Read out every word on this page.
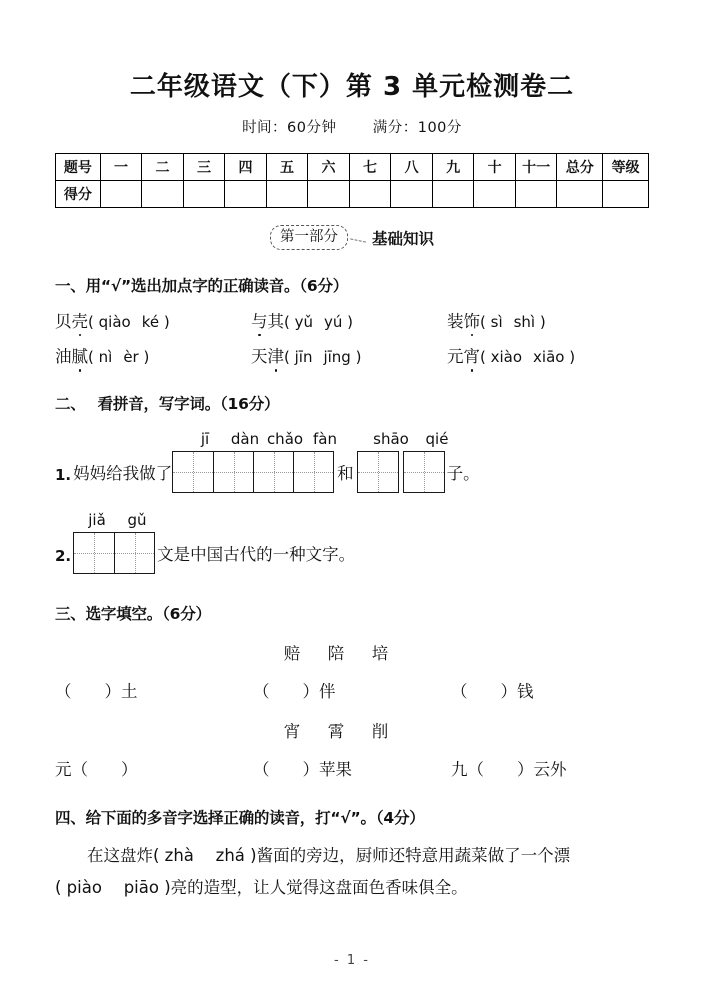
二年级语文（下）第 3 单元检测卷二
时间：60分钟 满分：100分
题号	一	二	三	四	五	六	七	八	九	十	十一	总分	等级
得分													
第一部分	基础知识
一、用“√”选出加点字的正确读音。（6分）
贝壳( qiào ké )	与其( yǔ yú )	装饰( sì shì )
油腻( nì èr )	天津( jīn jīng )	元宵( xiào xiāo )
二、 看拼音，写字词。（16分）
jī	dàn chǎo fàn	shāo	qié
1. 妈妈给我做了	和	子。
jiǎ	gǔ
2.	文是中国古代的一种文字。
三、选字填空。（6分）
赔	陪	培
（　　）土	（　　）伴	（　　）钱
宵	霄	削
元（　　）	（　　）苹果	九（　　）云外
四、给下面的多音字选择正确的读音，打“√”。（4分）
在这盘炸( zhà　 zhá )酱面的旁边，厨师还特意用蔬菜做了一个漂
( piào　 piāo )亮的造型，让人觉得这盘面色香味俱全。
- 1 -
